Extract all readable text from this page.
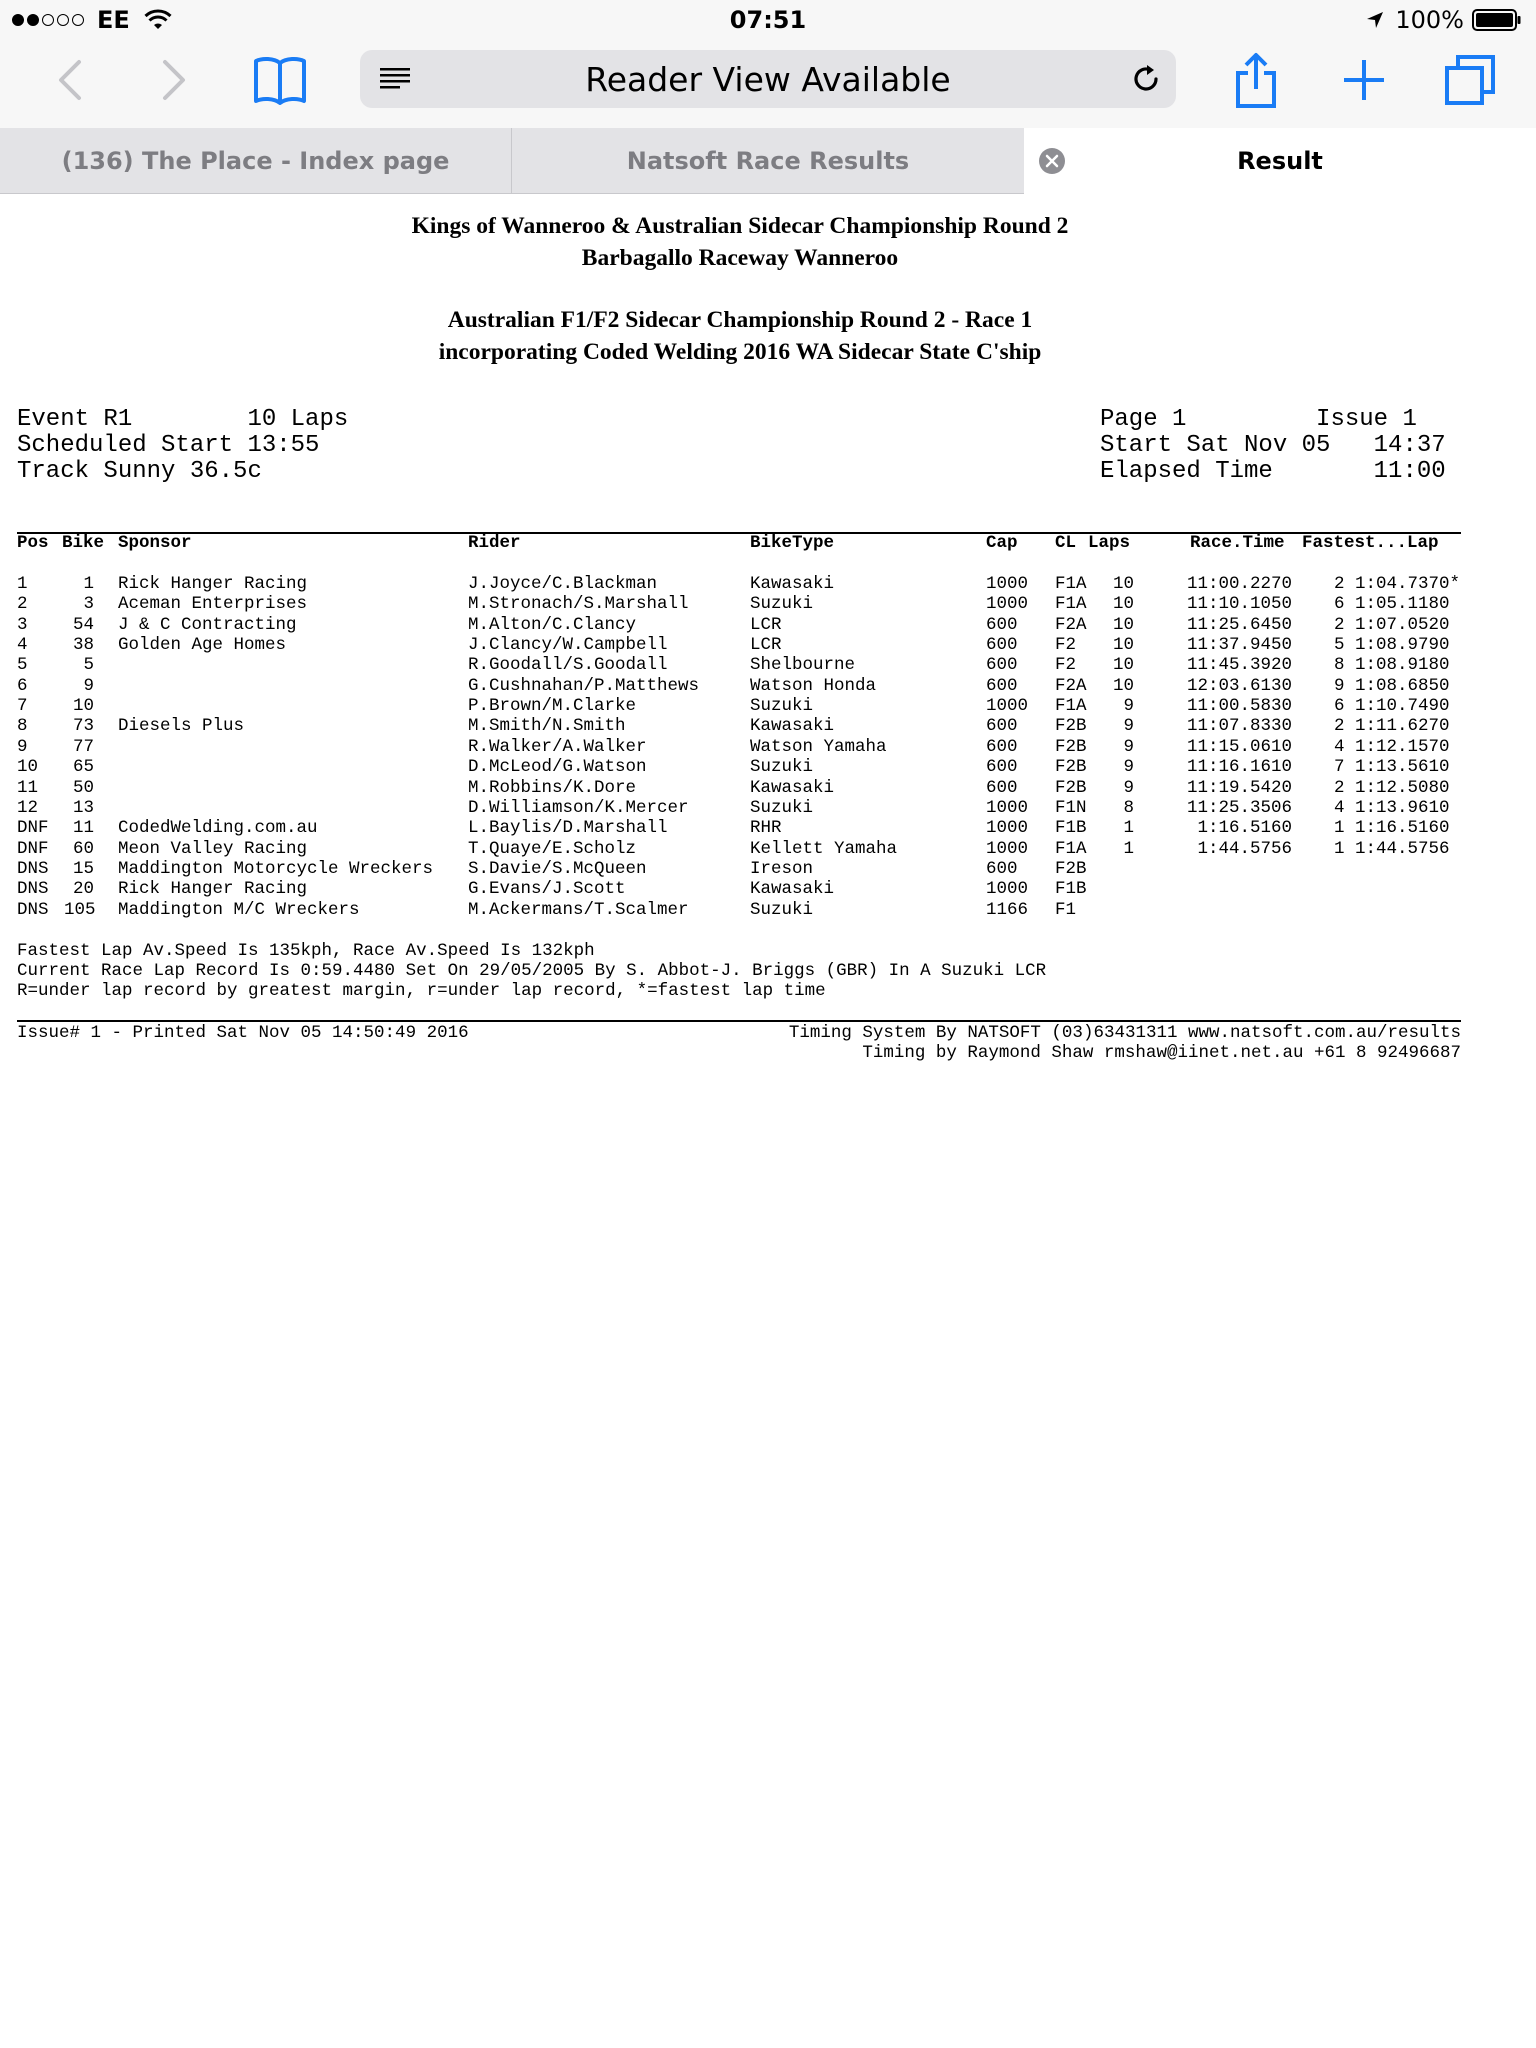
EE	07:51	100%
Reader View Available
(136) The Place - Index page	Natsoft Race Results	Result
Kings of Wanneroo & Australian Sidecar Championship Round 2
Barbagallo Raceway Wanneroo
Australian F1/F2 Sidecar Championship Round 2 - Race 1
incorporating Coded Welding 2016 WA Sidecar State C'ship
Event R1        10 Laps
Scheduled Start 13:55
Track Sunny 36.5c
Page 1         Issue 1
Start Sat Nov 05   14:37
Elapsed Time       11:00
Pos Bike Sponsor	Rider	BikeType	Cap CL Laps	Race.Time Fastest...Lap
1	1 Rick Hanger Racing	J.Joyce/C.Blackman	Kawasaki	1000 F1A 10	11:00.2270	2 1:04.7370*
2	3 Aceman Enterprises	M.Stronach/S.Marshall	Suzuki	1000 F1A 10	11:10.1050	6 1:05.1180
3	54 J & C Contracting	M.Alton/C.Clancy	LCR	600 F2A 10	11:25.6450	2 1:07.0520
4	38 Golden Age Homes	J.Clancy/W.Campbell	LCR	600 F2 10	11:37.9450	5 1:08.9790
5	5	R.Goodall/S.Goodall	Shelbourne	600 F2 10	11:45.3920	8 1:08.9180
6	9	G.Cushnahan/P.Matthews	Watson Honda	600 F2A 10	12:03.6130	9 1:08.6850
7	10	P.Brown/M.Clarke	Suzuki	1000 F1A	9	11:00.5830	6 1:10.7490
8	73 Diesels Plus	M.Smith/N.Smith	Kawasaki	600 F2B	9	11:07.8330	2 1:11.6270
9	77	R.Walker/A.Walker	Watson Yamaha	600 F2B	9	11:15.0610	4 1:12.1570
10	65	D.McLeod/G.Watson	Suzuki	600 F2B	9	11:16.1610	7 1:13.5610
11	50	M.Robbins/K.Dore	Kawasaki	600 F2B	9	11:19.5420	2 1:12.5080
12	13	D.Williamson/K.Mercer	Suzuki	1000 F1N	8	11:25.3506	4 1:13.9610
DNF	11 CodedWelding.com.au	L.Baylis/D.Marshall	RHR	1000 F1B	1	1:16.5160	1 1:16.5160
DNF	60 Meon Valley Racing	T.Quaye/E.Scholz	Kellett Yamaha	1000 F1A	1	1:44.5756	1 1:44.5756
DNS	15 Maddington Motorcycle Wreckers S.Davie/S.McQueen	Ireson	600 F2B
DNS	20 Rick Hanger Racing	G.Evans/J.Scott	Kawasaki	1000 F1B
DNS 105 Maddington M/C Wreckers	M.Ackermans/T.Scalmer	Suzuki	1166 F1
Fastest Lap Av.Speed Is 135kph, Race Av.Speed Is 132kph
Current Race Lap Record Is 0:59.4480 Set On 29/05/2005 By S. Abbot-J. Briggs (GBR) In A Suzuki LCR
R=under lap record by greatest margin, r=under lap record, *=fastest lap time
Issue# 1 - Printed Sat Nov 05 14:50:49 2016	Timing System By NATSOFT (03)63431311 www.natsoft.com.au/results
Timing by Raymond Shaw rmshaw@iinet.net.au +61 8 92496687
